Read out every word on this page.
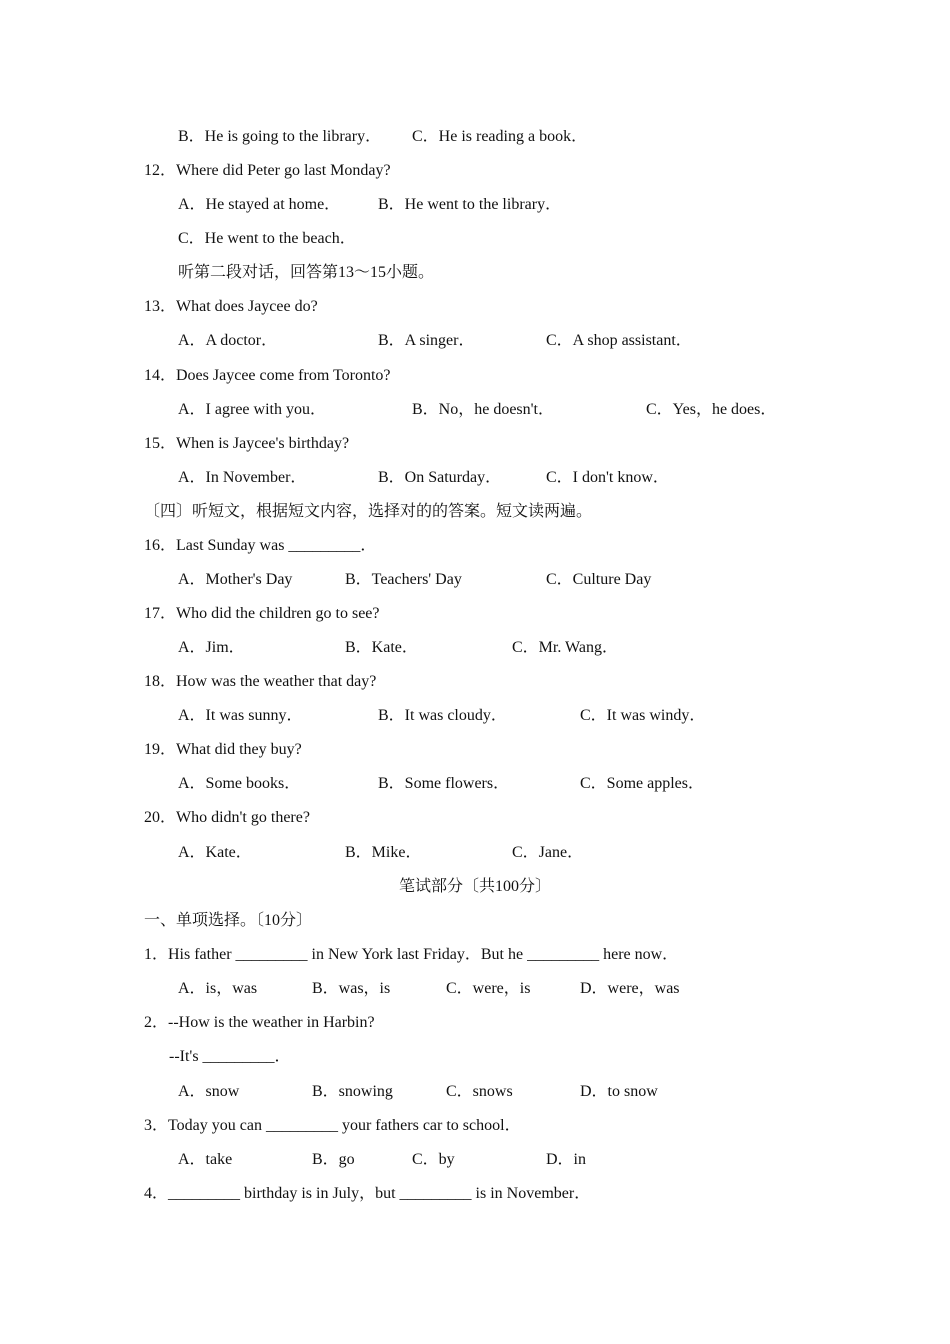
B．He is going to the library． C．He is reading a book．
12．Where did Peter go last Monday?
A．He stayed at home． B．He went to the library．
C．He went to the beach．
听第二段对话，回答第13～15小题。
13．What does Jaycee do?
A．A doctor．	B．A singer．	C．A shop assistant．
14．Does Jaycee come from Toronto?
A．I agree with you．	B．No，he doesn't．	C．Yes，he does．
15．When is Jaycee's birthday?
A．In November．	B．On Saturday．	C．I don't know．
〔四〕听短文，根据短文内容，选择对的的答案。短文读两遍。
16．Last Sunday was _________．
A．Mother's Day	B．Teachers' Day	C．Culture Day
17．Who did the children go to see?
A．Jim．	B．Kate．	C．Mr. Wang．
18．How was the weather that day?
A．It was sunny．	B．It was cloudy．	C．It was windy．
19．What did they buy?
A．Some books．	B．Some flowers．	C．Some apples．
20．Who didn't go there?
A．Kate．	B．Mike．	C．Jane．
笔试部分〔共100分〕
一、单项选择。〔10分〕
1．His father _________ in New York last Friday．But he _________ here now．
A．is，was	B．was，is	C．were，is	D．were，was
2．--How is the weather in Harbin?
--It's _________．
A．snow	B．snowing	C．snows	D．to snow
3．Today you can _________ your fathers car to school．
A．take	B．go	C．by	D．in
4．_________ birthday is in July，but _________ is in November．
